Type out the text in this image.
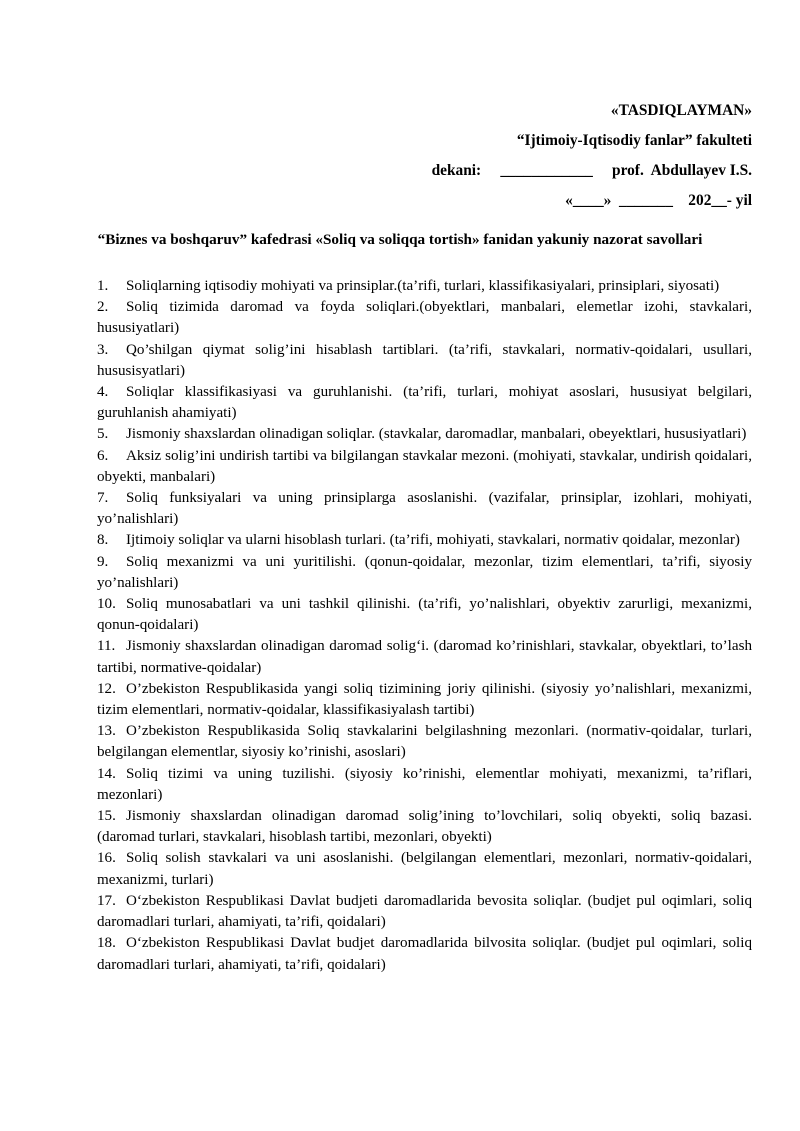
«TASDIQLAYMAN»
“Ijtimoiy-Iqtisodiy fanlar” fakulteti
dekani:     ____________     prof.  Abdullayev I.S.
«____»  _______    202__- yil
“Biznes va boshqaruv” kafedrasi «Soliq va soliqqa tortish» fanidan yakuniy nazorat savollari
1. Soliqlarning iqtisodiy mohiyati va prinsiplar.(ta’rifi, turlari, klassifikasiyalari, prinsiplari, siyosati)
2. Soliq tizimida daromad va foyda soliqlari.(obyektlari, manbalari, elemetlar izohi, stavkalari, hususiyatlari)
3. Qo’shilgan qiymat solig’ini hisablash tartiblari. (ta’rifi, stavkalari, normativ-qoidalari, usullari, hususisyatlari)
4. Soliqlar klassifikasiyasi va guruhlanishi. (ta’rifi, turlari, mohiyat asoslari, hususiyat belgilari, guruhlanish ahamiyati)
5. Jismoniy shaxslardan olinadigan soliqlar. (stavkalar, daromadlar, manbalari, obeyektlari, hususiyatlari)
6. Aksiz solig’ini undirish tartibi va bilgilangan stavkalar mezoni. (mohiyati, stavkalar, undirish qoidalari, obyekti, manbalari)
7. Soliq funksiyalari va uning prinsiplarga asoslanishi. (vazifalar, prinsiplar, izohlari, mohiyati, yo’nalishlari)
8. Ijtimoiy soliqlar va ularni hisoblash turlari. (ta’rifi, mohiyati, stavkalari, normativ qoidalar, mezonlar)
9. Soliq mexanizmi va uni yuritilishi. (qonun-qoidalar, mezonlar, tizim elementlari, ta’rifi, siyosiy yo’nalishlari)
10. Soliq munosabatlari va uni tashkil qilinishi. (ta’rifi, yo’nalishlari, obyektiv zarurligi, mexanizmi, qonun-qoidalari)
11. Jismoniy shaxslardan olinadigan daromad solig‘i. (daromad ko’rinishlari, stavkalar, obyektlari, to’lash tartibi, normative-qoidalar)
12. O’zbekiston Respublikasida yangi soliq tizimining joriy qilinishi. (siyosiy yo’nalishlari, mexanizmi, tizim elementlari, normativ-qoidalar, klassifikasiyalash tartibi)
13. O’zbekiston Respublikasida Soliq stavkalarini belgilashning mezonlari. (normativ-qoidalar, turlari, belgilangan elementlar, siyosiy ko’rinishi, asoslari)
14. Soliq tizimi va uning tuzilishi. (siyosiy ko’rinishi, elementlar mohiyati, mexanizmi, ta’riflari, mezonlari)
15. Jismoniy shaxslardan olinadigan daromad solig’ining to’lovchilari, soliq obyekti, soliq bazasi. (daromad turlari, stavkalari, hisoblash tartibi, mezonlari, obyekti)
16. Soliq solish stavkalari va uni asoslanishi. (belgilangan elementlari, mezonlari, normativ-qoidalari, mexanizmi, turlari)
17. O‘zbekiston Respublikasi Davlat budjeti daromadlarida bevosita soliqlar. (budjet pul oqimlari, soliq daromadlari turlari, ahamiyati, ta’rifi, qoidalari)
18. O‘zbekiston Respublikasi Davlat budjet daromadlarida bilvosita soliqlar. (budjet pul oqimlari, soliq daromadlari turlari, ahamiyati, ta’rifi, qoidalari)
